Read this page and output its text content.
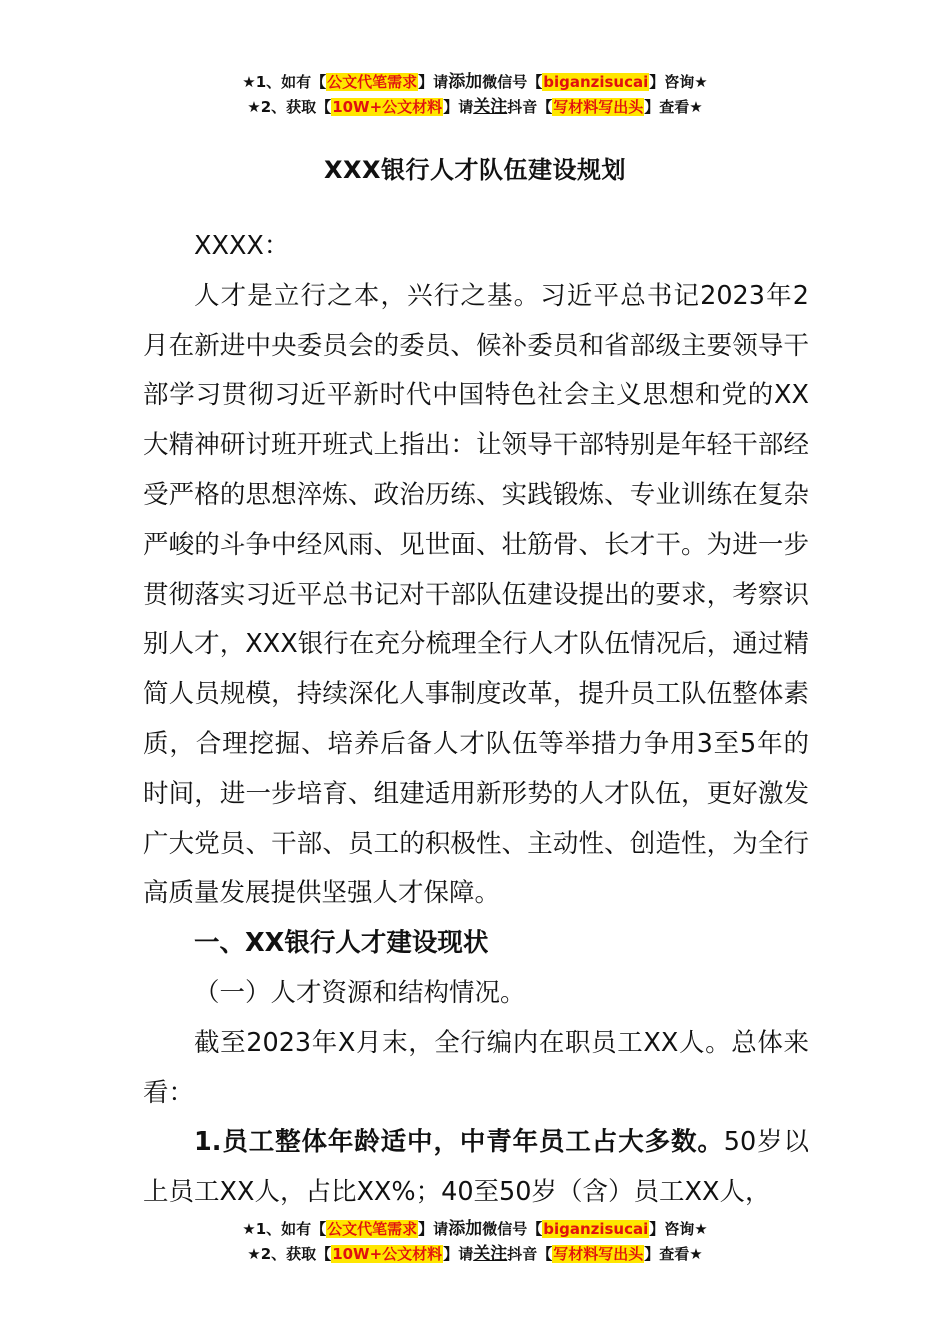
★1、如有【公文代笔需求】请添加微信号【biganzisucai】咨询★
★2、获取【10W+公文材料】请关注抖音【写材料写出头】查看★
XXX银行人才队伍建设规划

XXXX：

人才是立行之本，兴行之基。习近平总书记2023年2月在新进中央委员会的委员、候补委员和省部级主要领导干部学习贯彻习近平新时代中国特色社会主义思想和党的XX大精神研讨班开班式上指出：让领导干部特别是年轻干部经受严格的思想淬炼、政治历练、实践锻炼、专业训练在复杂严峻的斗争中经风雨、见世面、壮筋骨、长才干。为进一步贯彻落实习近平总书记对干部队伍建设提出的要求，考察识别人才，XXX银行在充分梳理全行人才队伍情况后，通过精简人员规模，持续深化人事制度改革，提升员工队伍整体素质，合理挖掘、培养后备人才队伍等举措力争用3至5年的时间，进一步培育、组建适用新形势的人才队伍，更好激发广大党员、干部、员工的积极性、主动性、创造性，为全行高质量发展提供坚强人才保障。

一、XX银行人才建设现状

（一）人才资源和结构情况。

截至2023年X月末，全行编内在职员工XX人。总体来看：

1.员工整体年龄适中，中青年员工占大多数。50岁以上员工XX人，占比XX%；40至50岁（含）员工XX人，

★1、如有【公文代笔需求】请添加微信号【biganzisucai】咨询★
★2、获取【10W+公文材料】请关注抖音【写材料写出头】查看★
